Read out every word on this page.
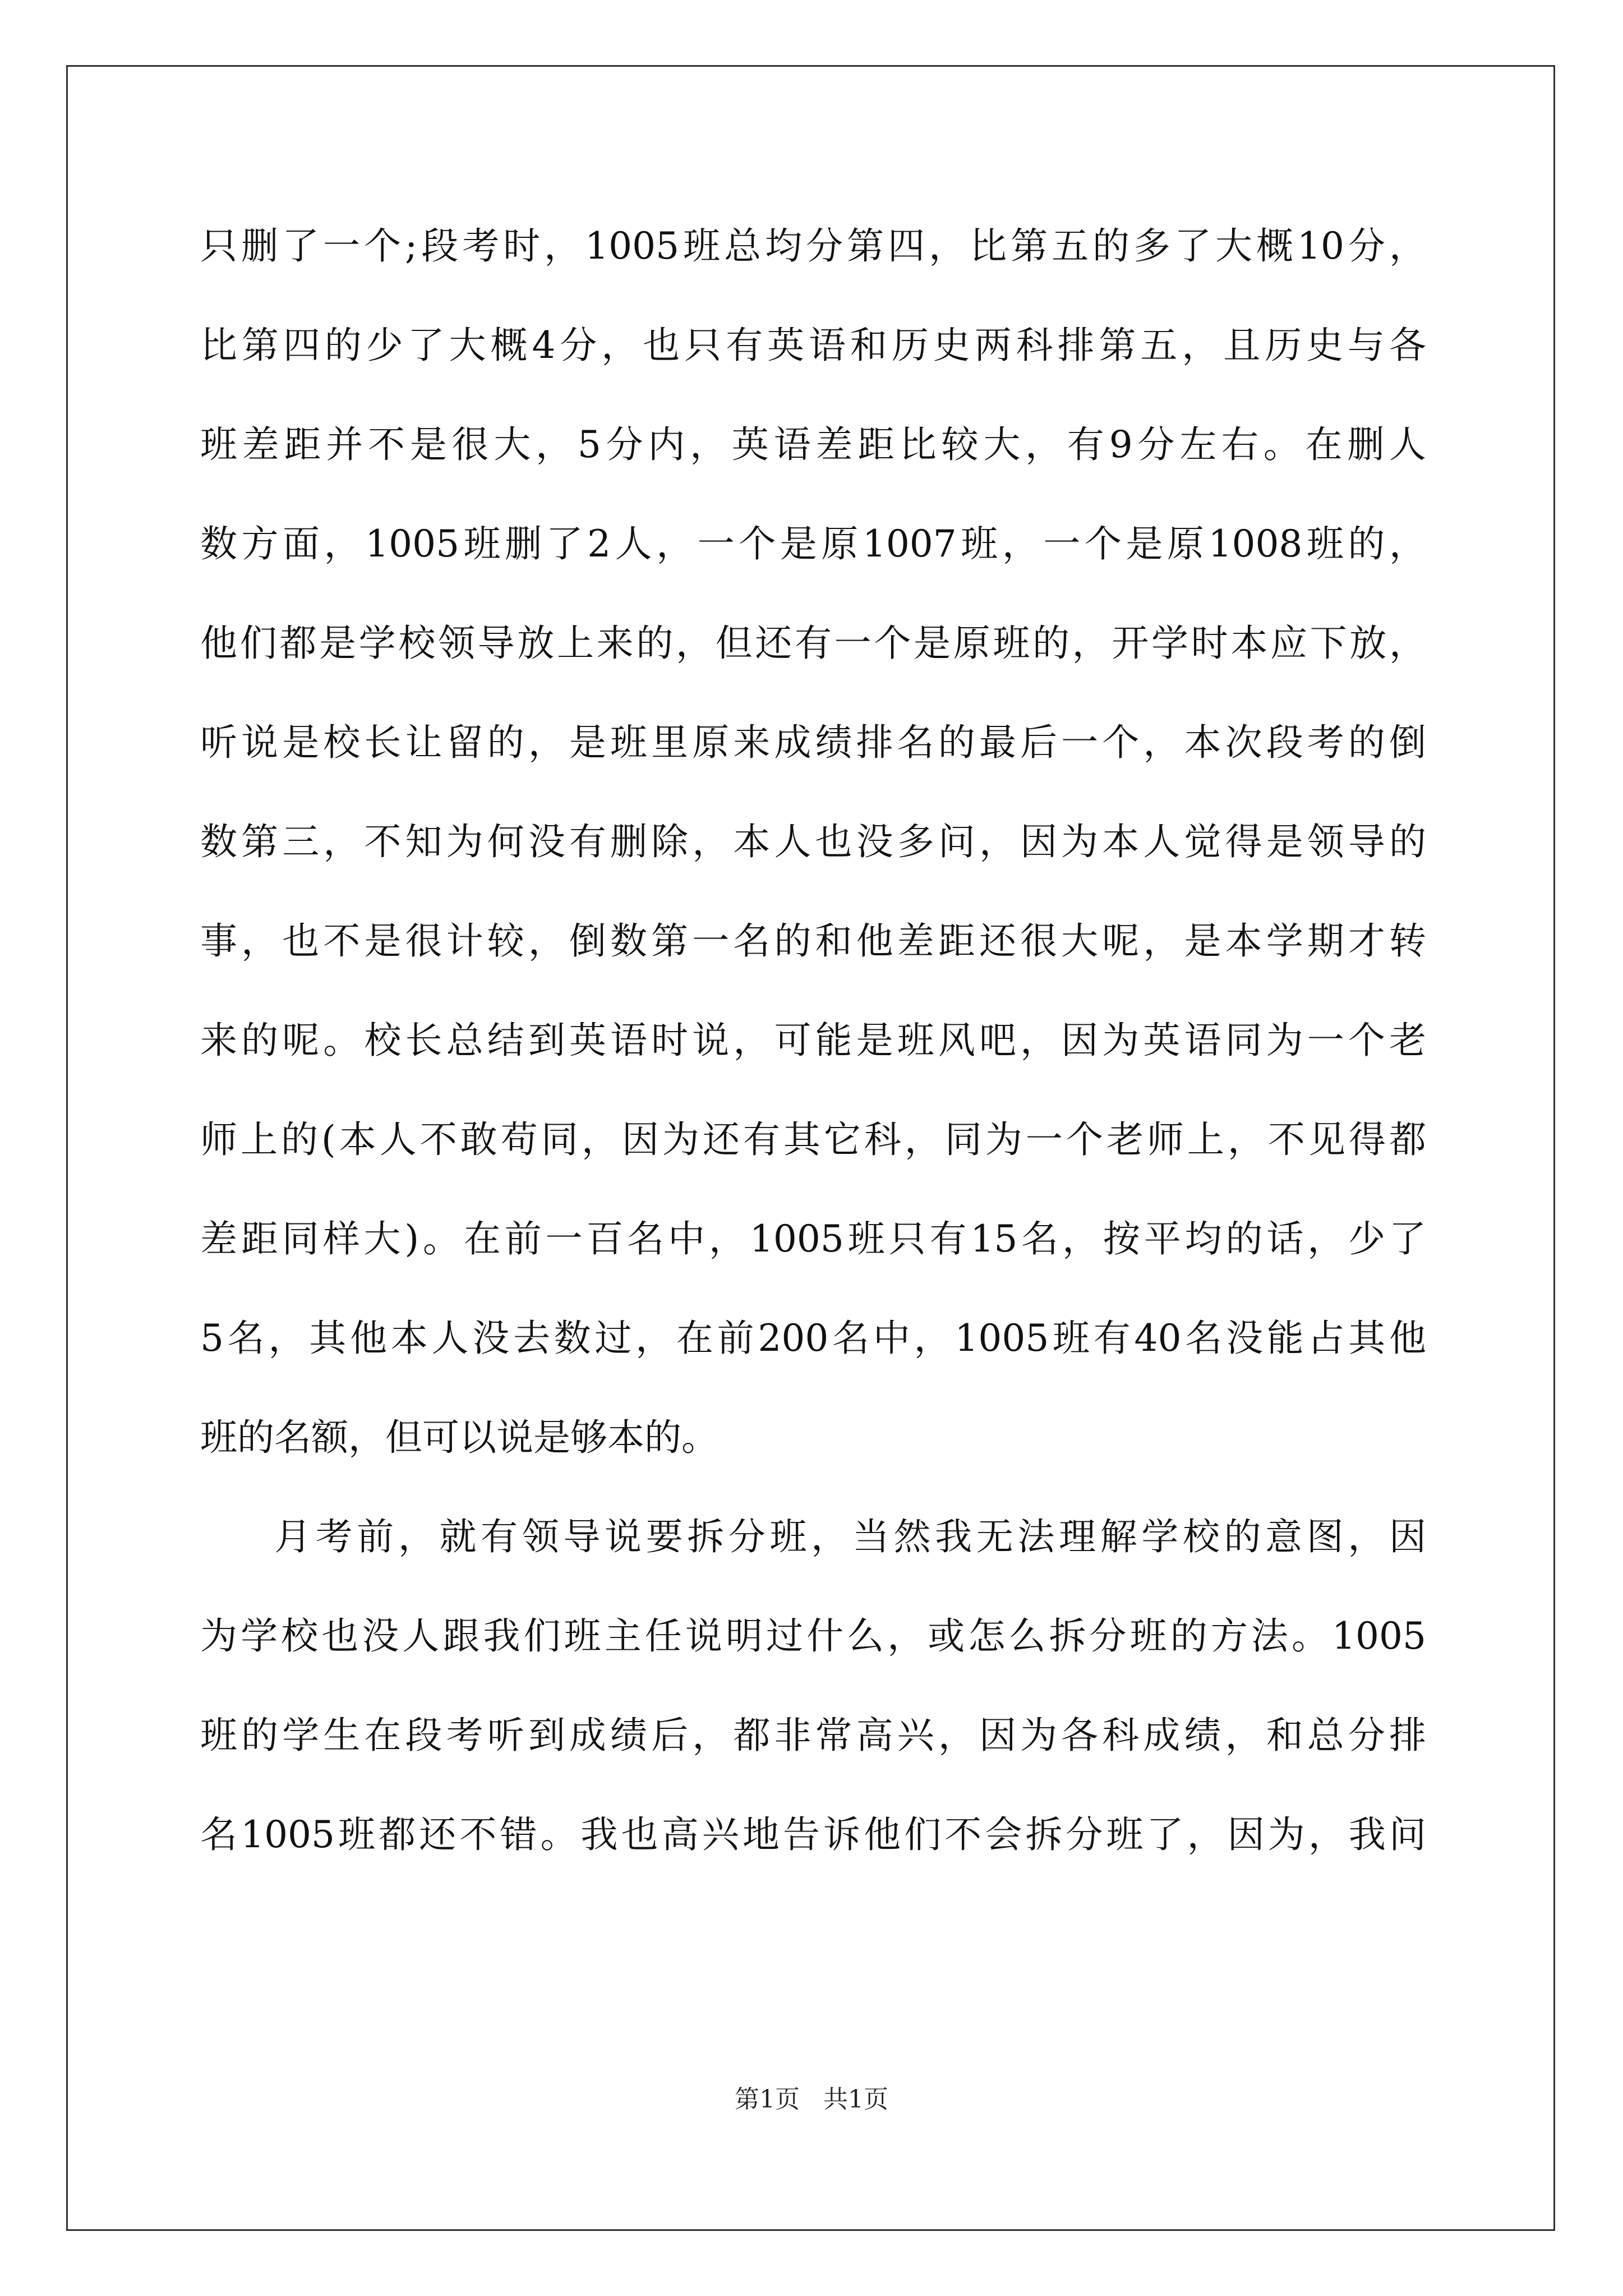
只删了一个;段考时，1005班总均分第四，比第五的多了大概10分，
比第四的少了大概4分，也只有英语和历史两科排第五，且历史与各
班差距并不是很大，5分内，英语差距比较大，有9分左右。在删人
数方面，1005班删了2人，一个是原1007班，一个是原1008班的，
他们都是学校领导放上来的，但还有一个是原班的，开学时本应下放，
听说是校长让留的，是班里原来成绩排名的最后一个，本次段考的倒
数第三，不知为何没有删除，本人也没多问，因为本人觉得是领导的
事，也不是很计较，倒数第一名的和他差距还很大呢，是本学期才转
来的呢。校长总结到英语时说，可能是班风吧，因为英语同为一个老
师上的(本人不敢苟同，因为还有其它科，同为一个老师上，不见得都
差距同样大)。在前一百名中，1005班只有15名，按平均的话，少了
5名，其他本人没去数过，在前200名中，1005班有40名没能占其他
班的名额，但可以说是够本的。
月考前，就有领导说要拆分班，当然我无法理解学校的意图，因
为学校也没人跟我们班主任说明过什么，或怎么拆分班的方法。1005
班的学生在段考听到成绩后，都非常高兴，因为各科成绩，和总分排
名1005班都还不错。我也高兴地告诉他们不会拆分班了，因为，我问
第1页   共1页
